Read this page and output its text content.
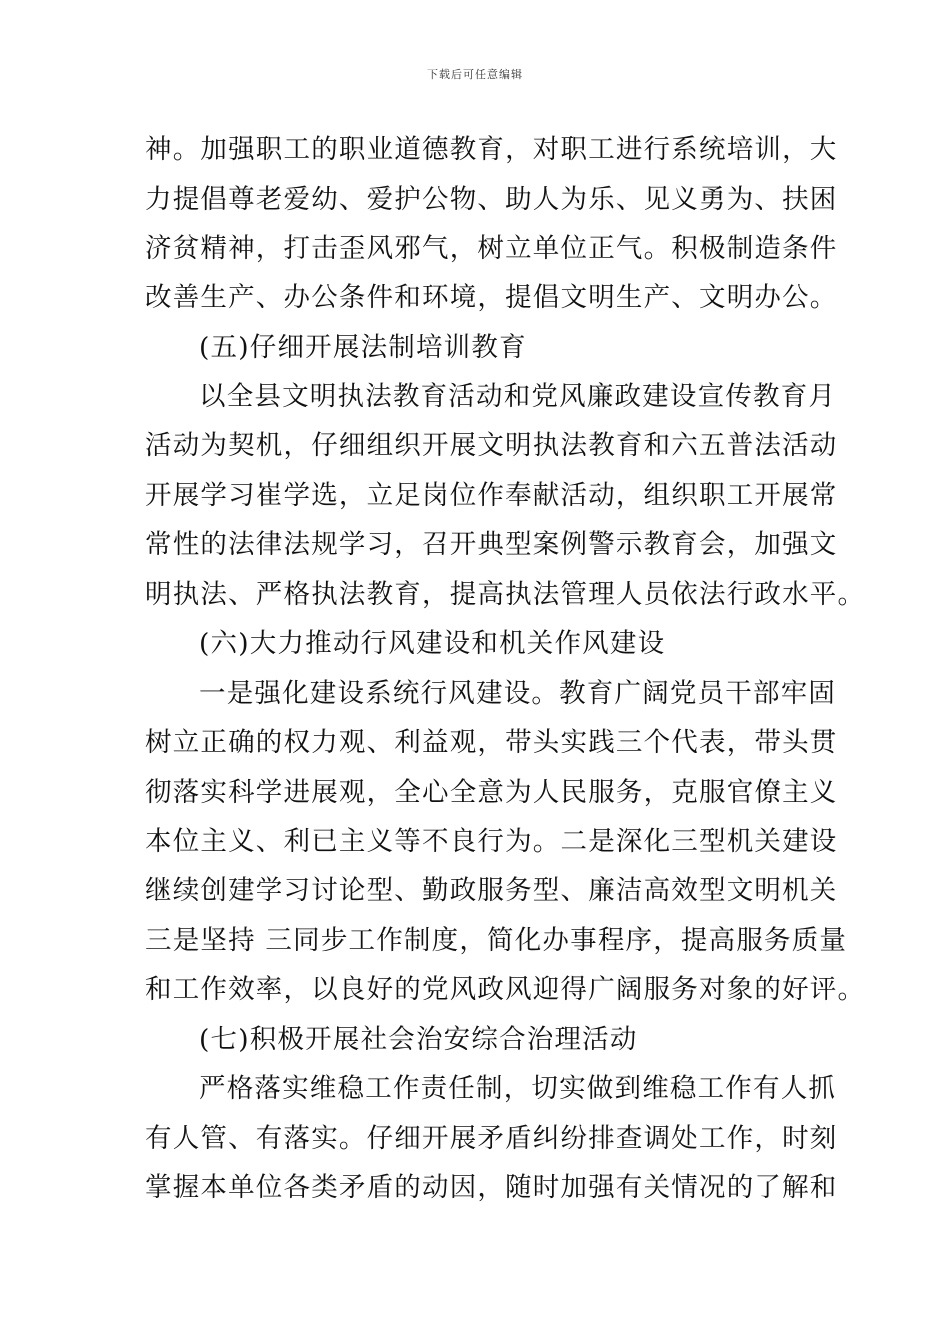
下载后可任意编辑
神。加强职工的职业道德教育，对职工进行系统培训，大
力提倡尊老爱幼、爱护公物、助人为乐、见义勇为、扶困
济贫精神，打击歪风邪气，树立单位正气。积极制造条件
改善生产、办公条件和环境，提倡文明生产、文明办公。
(五)仔细开展法制培训教育
以全县文明执法教育活动和党风廉政建设宣传教育月
活动为契机，仔细组织开展文明执法教育和六五普法活动
开展学习崔学选，立足岗位作奉献活动，组织职工开展常
常性的法律法规学习，召开典型案例警示教育会，加强文
明执法、严格执法教育，提高执法管理人员依法行政水平。
(六)大力推动行风建设和机关作风建设
一是强化建设系统行风建设。教育广阔党员干部牢固
树立正确的权力观、利益观，带头实践三个代表，带头贯
彻落实科学进展观，全心全意为人民服务，克服官僚主义
本位主义、利已主义等不良行为。二是深化三型机关建设
继续创建学习讨论型、勤政服务型、廉洁高效型文明机关
三是坚持 三同步工作制度，简化办事程序，提高服务质量
和工作效率，以良好的党风政风迎得广阔服务对象的好评。
(七)积极开展社会治安综合治理活动
严格落实维稳工作责任制，切实做到维稳工作有人抓
有人管、有落实。仔细开展矛盾纠纷排查调处工作，时刻
掌握本单位各类矛盾的动因，随时加强有关情况的了解和
